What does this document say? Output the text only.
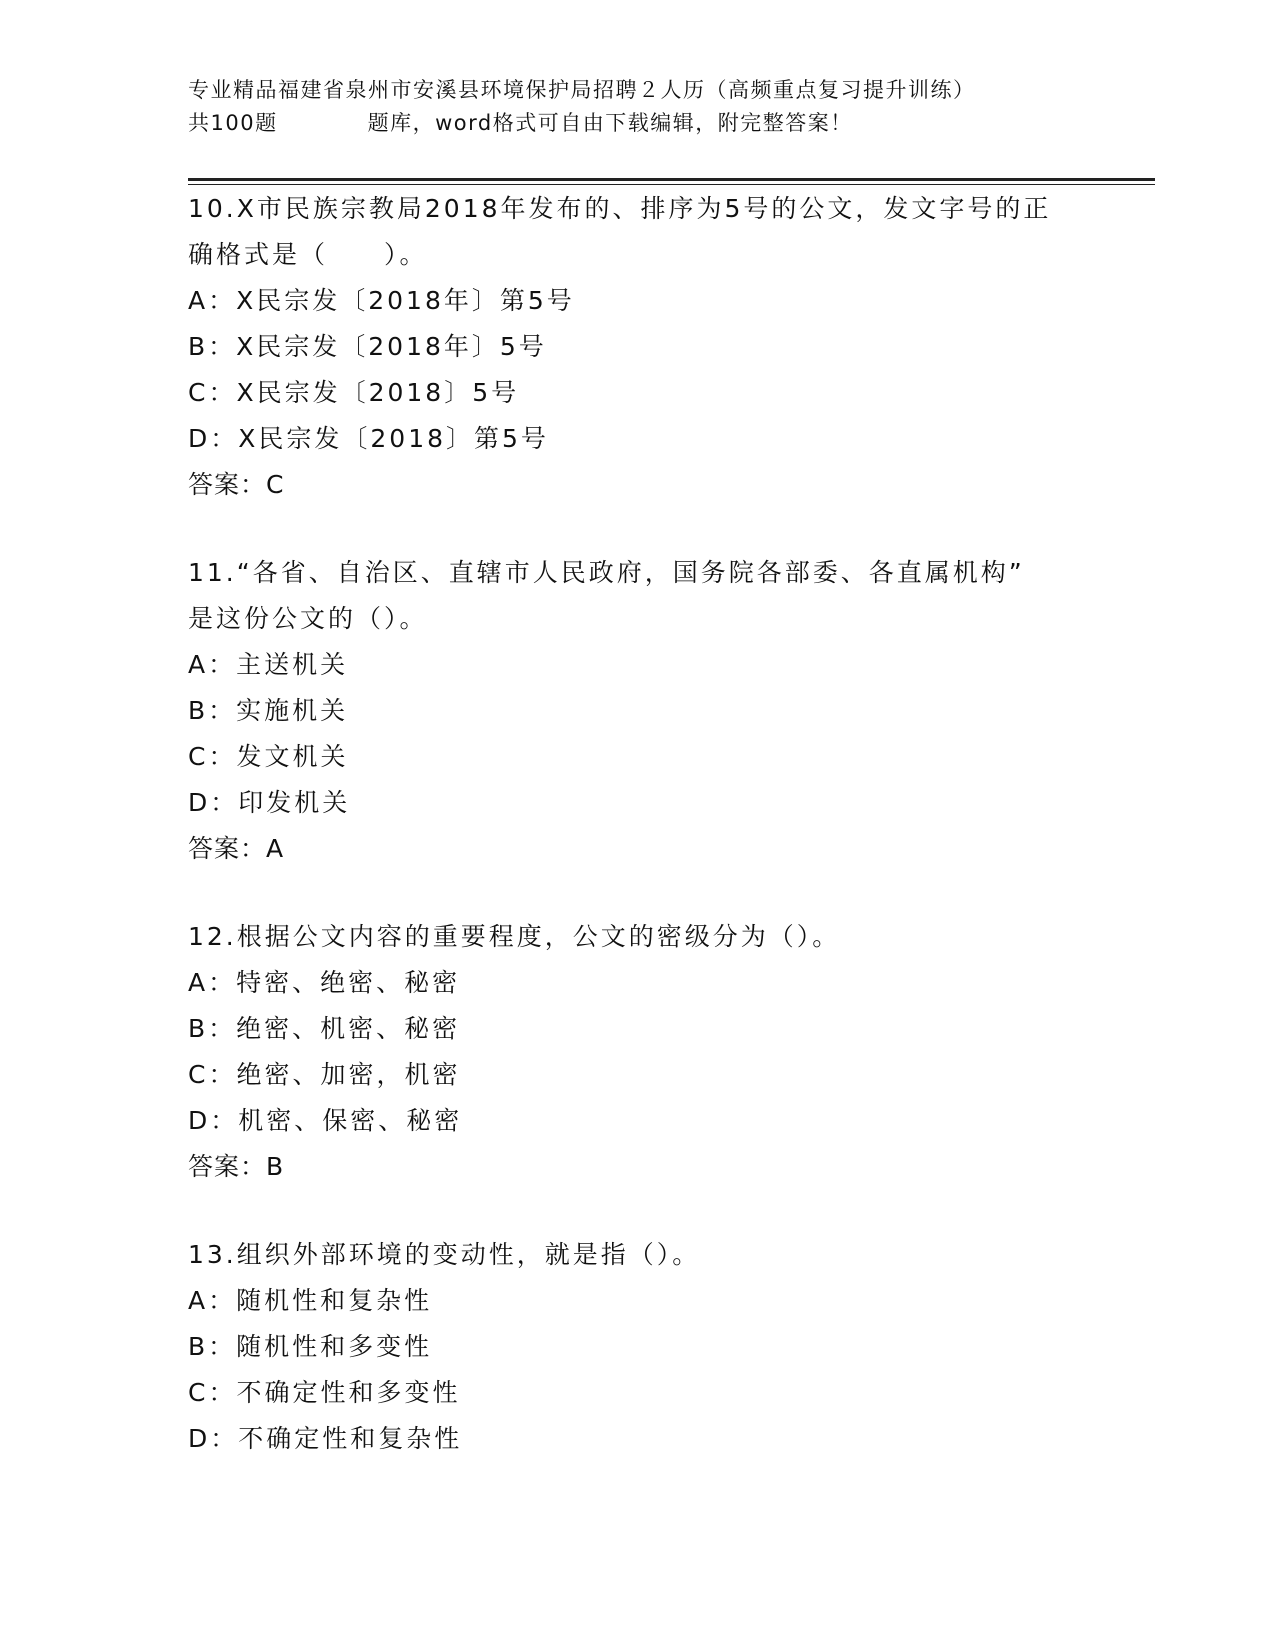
专业精品福建省泉州市安溪县环境保护局招聘２人历（高频重点复习提升训练）
共100题　　　　题库，word格式可自由下载编辑，附完整答案！
10.X市民族宗教局2018年发布的、排序为5号的公文，发文字号的正
确格式是（　　）。
A：X民宗发〔2018年〕第5号
B：X民宗发〔2018年〕5号
C：X民宗发〔2018〕5号
D：X民宗发〔2018〕第5号
答案：C
11.“各省、自治区、直辖市人民政府，国务院各部委、各直属机构”
是这份公文的（）。
A：主送机关
B：实施机关
C：发文机关
D：印发机关
答案：A
12.根据公文内容的重要程度，公文的密级分为（）。
A：特密、绝密、秘密
B：绝密、机密、秘密
C：绝密、加密，机密
D：机密、保密、秘密
答案：B
13.组织外部环境的变动性，就是指（）。
A：随机性和复杂性
B：随机性和多变性
C：不确定性和多变性
D：不确定性和复杂性
